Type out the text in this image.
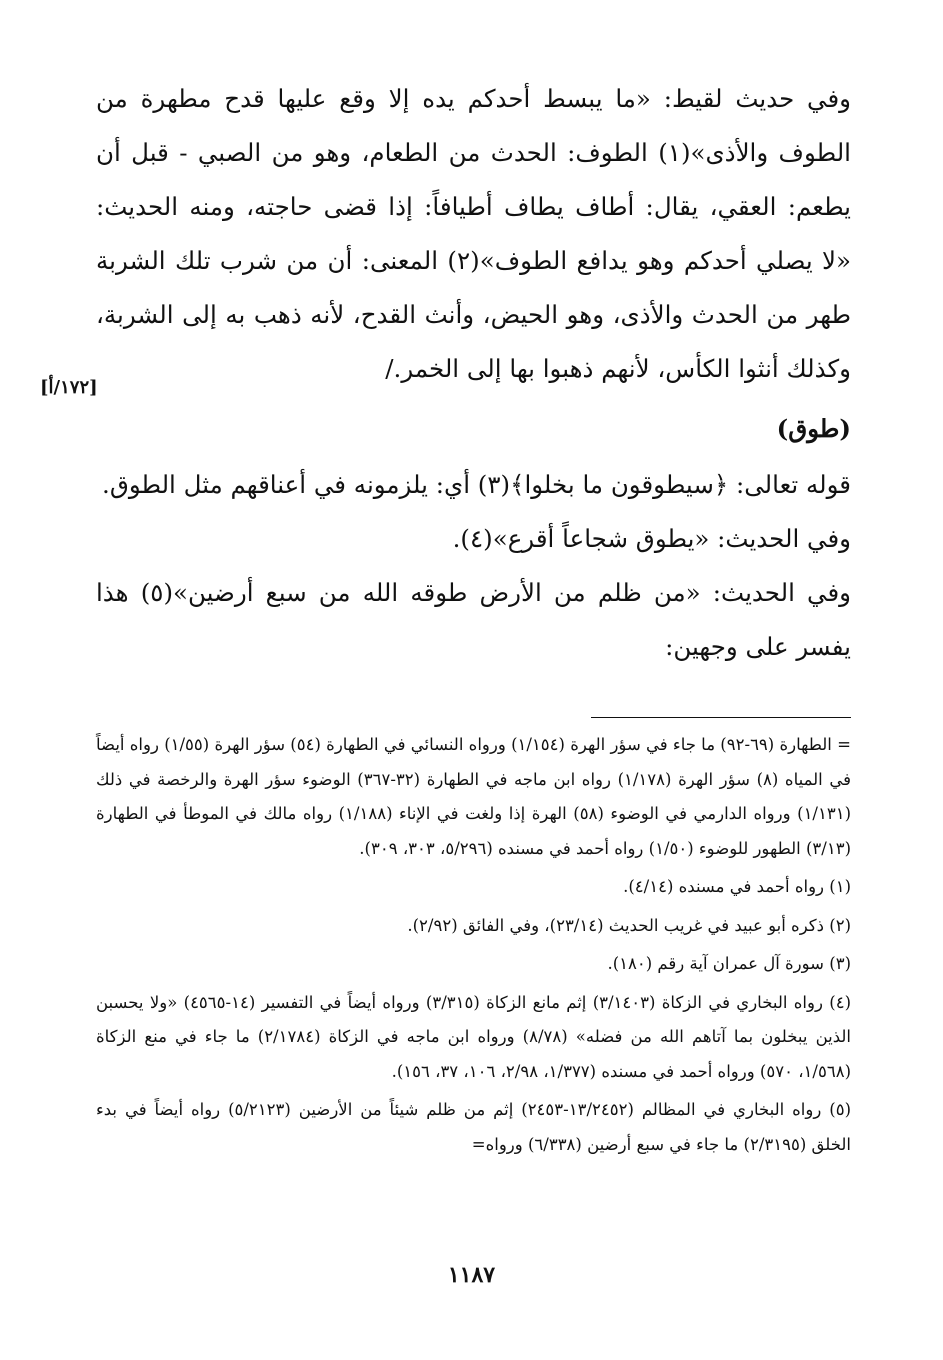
وفي حديث لقيط: «ما يبسط أحدكم يده إلا وقع عليها قدح مطهرة من الطوف والأذى»(١) الطوف: الحدث من الطعام، وهو من الصبي - قبل أن يطعم: العقي، يقال: أطاف يطاف أطيافاً: إذا قضى حاجته، ومنه الحديث: «لا يصلي أحدكم وهو يدافع الطوف»(٢) المعنى: أن من شرب تلك الشربة طهر من الحدث والأذى، وهو الحيض، وأنث القدح، لأنه ذهب به إلى الشربة، وكذلك أنثوا الكأس، لأنهم ذهبوا بها إلى الخمر./

(طوق)

قوله تعالى: ﴿سيطوقون ما بخلوا﴾(٣) أي: يلزمونه في أعناقهم مثل الطوق.

وفي الحديث: «يطوق شجاعاً أقرع»(٤).

وفي الحديث: «من ظلم من الأرض طوقه الله من سبع أرضين»(٥) هذا يفسر على وجهين:

[١٧٢/أ]

= الطهارة (٦٩-٩٢) ما جاء في سؤر الهرة (١/١٥٤) ورواه النسائي في الطهارة (٥٤) سؤر الهرة (١/٥٥) رواه أيضاً في المياه (٨) سؤر الهرة (١/١٧٨) رواه ابن ماجه في الطهارة (٣٢-٣٦٧) الوضوء سؤر الهرة والرخصة في ذلك (١/١٣١) ورواه الدارمي في الوضوء (٥٨) الهرة إذا ولغت في الإناء (١/١٨٨) رواه مالك في الموطأ في الطهارة (٣/١٣) الطهور للوضوء (١/٥٠) رواه أحمد في مسنده (٥/٢٩٦، ٣٠٣، ٣٠٩).

(١) رواه أحمد في مسنده (٤/١٤).

(٢) ذكره أبو عبيد في غريب الحديث (٢٣/١٤)، وفي الفائق (٢/٩٢).

(٣) سورة آل عمران آية رقم (١٨٠).

(٤) رواه البخاري في الزكاة (٣/١٤٠٣) إثم مانع الزكاة (٣/٣١٥) ورواه أيضاً في التفسير (١٤-٤٥٦٥) «ولا يحسبن الذين يبخلون بما آتاهم الله من فضله» (٨/٧٨) ورواه ابن ماجه في الزكاة (٢/١٧٨٤) ما جاء في منع الزكاة (١/٥٦٨، ٥٧٠) ورواه أحمد في مسنده (١/٣٧٧، ٢/٩٨، ١٠٦، ٣٧، ١٥٦).

(٥) رواه البخاري في المظالم (١٣/٢٤٥٢-٢٤٥٣) إثم من ظلم شيئاً من الأرضين (٥/٢١٢٣) رواه أيضاً في بدء الخلق (٢/٣١٩٥) ما جاء في سبع أرضين (٦/٣٣٨) ورواه=

١١٨٧
